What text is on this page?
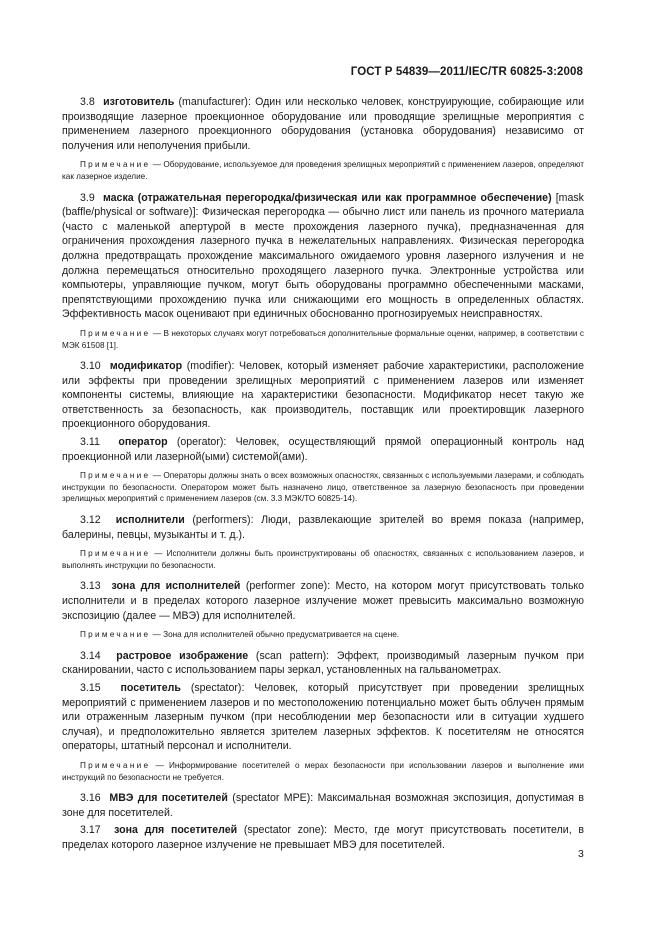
ГОСТ Р 54839—2011/IEC/TR 60825-3:2008

3.8 изготовитель (manufacturer): Один или несколько человек, конструирующие, собирающие или производящие лазерное проекционное оборудование или проводящие зрелищные мероприятия с применением лазерного проекционного оборудования (установка оборудования) независимо от получения или неполучения прибыли.

Примечание — Оборудование, используемое для проведения зрелищных мероприятий с применением лазеров, определяют как лазерное изделие.

3.9 маска (отражательная перегородка/физическая или как программное обеспечение) [mask (baffle/physical or software)]: Физическая перегородка — обычно лист или панель из прочного материала (часто с маленькой апертурой в месте прохождения лазерного пучка), предназначенная для ограничения прохождения лазерного пучка в нежелательных направлениях. Физическая перегородка должна предотвращать прохождение максимального ожидаемого уровня лазерного излучения и не должна перемещаться относительно проходящего лазерного пучка. Электронные устройства или компьютеры, управляющие пучком, могут быть оборудованы программно обеспеченными масками, препятствующими прохождению пучка или снижающими его мощность в определенных областях. Эффективность масок оценивают при единичных обоснованно прогнозируемых неисправностях.

Примечание — В некоторых случаях могут потребоваться дополнительные формальные оценки, например, в соответствии с МЭК 61508 [1].

3.10 модификатор (modifier): Человек, который изменяет рабочие характеристики, расположение или эффекты при проведении зрелищных мероприятий с применением лазеров или изменяет компоненты системы, влияющие на характеристики безопасности. Модификатор несет такую же ответственность за безопасность, как производитель, поставщик или проектировщик лазерного проекционного оборудования.

3.11 оператор (operator): Человек, осуществляющий прямой операционный контроль над проекционной или лазерной(ыми) системой(ами).

Примечание — Операторы должны знать о всех возможных опасностях, связанных с используемыми лазерами, и соблюдать инструкции по безопасности. Оператором может быть назначено лицо, ответственное за лазерную безопасность при проведении зрелищных мероприятий с применением лазеров (см. 3.3 МЭК/ТО 60825-14).

3.12 исполнители (performers): Люди, развлекающие зрителей во время показа (например, балерины, певцы, музыканты и т. д.).

Примечание — Исполнители должны быть проинструктированы об опасностях, связанных с использованием лазеров, и выполнять инструкции по безопасности.

3.13 зона для исполнителей (performer zone): Место, на котором могут присутствовать только исполнители и в пределах которого лазерное излучение может превысить максимально возможную экспозицию (далее — МВЭ) для исполнителей.

Примечание — Зона для исполнителей обычно предусматривается на сцене.

3.14 растровое изображение (scan pattern): Эффект, производимый лазерным пучком при сканировании, часто с использованием пары зеркал, установленных на гальванометрах.

3.15 посетитель (spectator): Человек, который присутствует при проведении зрелищных мероприятий с применением лазеров и по местоположению потенциально может быть облучен прямым или отраженным лазерным пучком (при несоблюдении мер безопасности или в ситуации худшего случая), и предположительно является зрителем лазерных эффектов. К посетителям не относятся операторы, штатный персонал и исполнители.

Примечание — Информирование посетителей о мерах безопасности при использовании лазеров и выполнение ими инструкций по безопасности не требуется.

3.16 МВЭ для посетителей (spectator MPE): Максимальная возможная экспозиция, допустимая в зоне для посетителей.

3.17 зона для посетителей (spectator zone): Место, где могут присутствовать посетители, в пределах которого лазерное излучение не превышает МВЭ для посетителей.

3
